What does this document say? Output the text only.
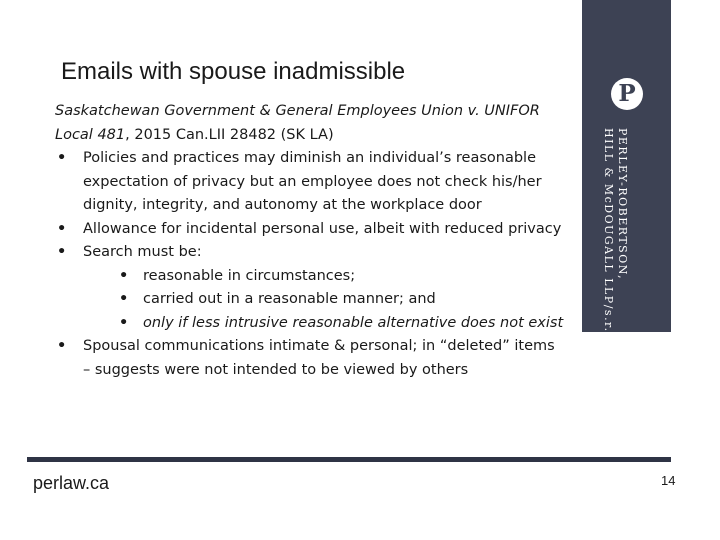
Emails with spouse inadmissible
Saskatchewan Government & General Employees Union v. UNIFOR Local 481, 2015 Can.LII 28482 (SK LA)
• Policies and practices may diminish an individual’s reasonable expectation of privacy but an employee does not check his/her dignity, integrity, and autonomy at the workplace door
• Allowance for incidental personal use, albeit with reduced privacy
• Search must be:
• reasonable in circumstances;
• carried out in a reasonable manner; and
• only if less intrusive reasonable alternative does not exist
• Spousal communications intimate & personal; in “deleted” items – suggests were not intended to be viewed by others
P
PERLEY-ROBERTSON,
HILL & McDOUGALL LLP/s.r.l.
perlaw.ca	14
